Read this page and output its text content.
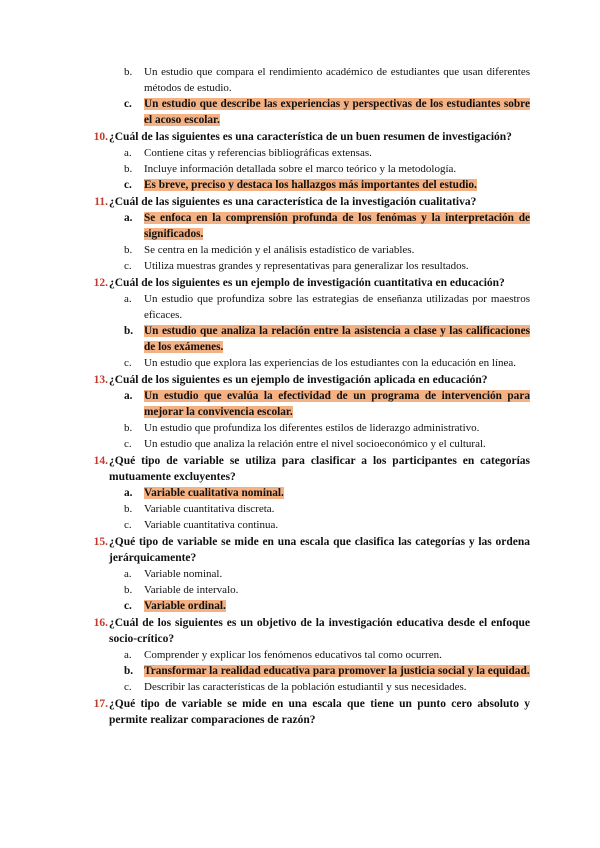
b.	Un estudio que compara el rendimiento académico de estudiantes que usan diferentes métodos de estudio.
c.	Un estudio que describe las experiencias y perspectivas de los estudiantes sobre el acoso escolar.
10. ¿Cuál de las siguientes es una característica de un buen resumen de investigación?
a.	Contiene citas y referencias bibliográficas extensas.
b.	Incluye información detallada sobre el marco teórico y la metodología.
c.	Es breve, preciso y destaca los hallazgos más importantes del estudio.
11. ¿Cuál de las siguientes es una característica de la investigación cualitativa?
a.	Se enfoca en la comprensión profunda de los fenómas y la interpretación de significados.
b.	Se centra en la medición y el análisis estadístico de variables.
c.	Utiliza muestras grandes y representativas para generalizar los resultados.
12. ¿Cuál de los siguientes es un ejemplo de investigación cuantitativa en educación?
a.	Un estudio que profundiza sobre las estrategias de enseñanza utilizadas por maestros eficaces.
b. Un estudio que analiza la relación entre la asistencia a clase y las calificaciones de los exámenes.
c.	Un estudio que explora las experiencias de los estudiantes con la educación en línea.
13. ¿Cuál de los siguientes es un ejemplo de investigación aplicada en educación?
a.	Un estudio que evalúa la efectividad de un programa de intervención para mejorar la convivencia escolar.
b.	Un estudio que profundiza los diferentes estilos de liderazgo administrativo.
c.	Un estudio que analiza la relación entre el nivel socioeconómico y el cultural.
14. ¿Qué tipo de variable se utiliza para clasificar a los participantes en categorías mutuamente excluyentes?
a.	Variable cualitativa nominal.
b.	Variable cuantitativa discreta.
c.	Variable cuantitativa continua.
15. ¿Qué tipo de variable se mide en una escala que clasifica las categorías y las ordena jerárquicamente?
a.	Variable nominal.
b.	Variable de intervalo.
c.	Variable ordinal.
16. ¿Cuál de los siguientes es un objetivo de la investigación educativa desde el enfoque socio-crítico?
a.	Comprender y explicar los fenómenos educativos tal como ocurren.
b. Transformar la realidad educativa para promover la justicia social y la equidad.
c.	Describir las características de la población estudiantil y sus necesidades.
17. ¿Qué tipo de variable se mide en una escala que tiene un punto cero absoluto y permite realizar comparaciones de razón?
